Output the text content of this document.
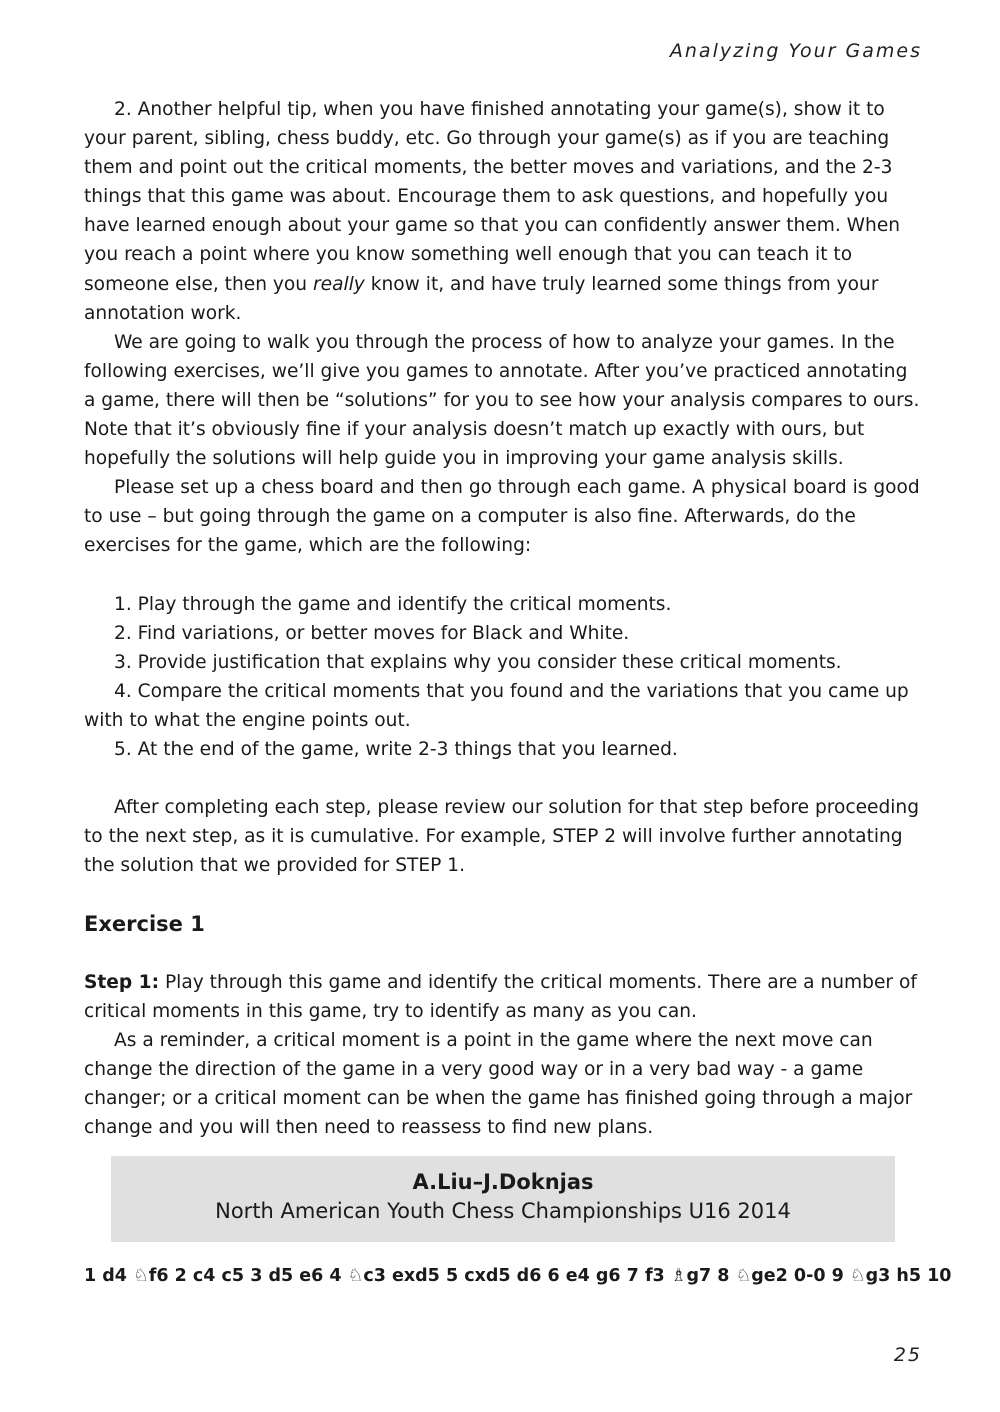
Analyzing Your Games

2. Another helpful tip, when you have finished annotating your game(s), show it to your parent, sibling, chess buddy, etc. Go through your game(s) as if you are teaching them and point out the critical moments, the better moves and variations, and the 2-3 things that this game was about. Encourage them to ask questions, and hopefully you have learned enough about your game so that you can confidently answer them. When you reach a point where you know something well enough that you can teach it to someone else, then you really know it, and have truly learned some things from your annotation work.

We are going to walk you through the process of how to analyze your games. In the following exercises, we’ll give you games to annotate. After you’ve practiced annotating a game, there will then be “solutions” for you to see how your analysis compares to ours. Note that it’s obviously fine if your analysis doesn’t match up exactly with ours, but hopefully the solutions will help guide you in improving your game analysis skills.

Please set up a chess board and then go through each game. A physical board is good to use – but going through the game on a computer is also fine. Afterwards, do the exercises for the game, which are the following:

1. Play through the game and identify the critical moments.

2. Find variations, or better moves for Black and White.

3. Provide justification that explains why you consider these critical moments.

4. Compare the critical moments that you found and the variations that you came up with to what the engine points out.

5. At the end of the game, write 2-3 things that you learned.

After completing each step, please review our solution for that step before proceeding to the next step, as it is cumulative. For example, STEP 2 will involve further annotating the solution that we provided for STEP 1.

Exercise 1

Step 1: Play through this game and identify the critical moments. There are a number of critical moments in this game, try to identify as many as you can.

As a reminder, a critical moment is a point in the game where the next move can change the direction of the game in a very good way or in a very bad way - a game changer; or a critical moment can be when the game has finished going through a major change and you will then need to reassess to find new plans.

A.Liu–J.Doknjas
North American Youth Chess Championships U16 2014
1 d4 ♘f6 2 c4 c5 3 d5 e6 4 ♘c3 exd5 5 cxd5 d6 6 e4 g6 7 f3 ♗g7 8 ♘ge2 0-0 9 ♘g3 h5 10
25
